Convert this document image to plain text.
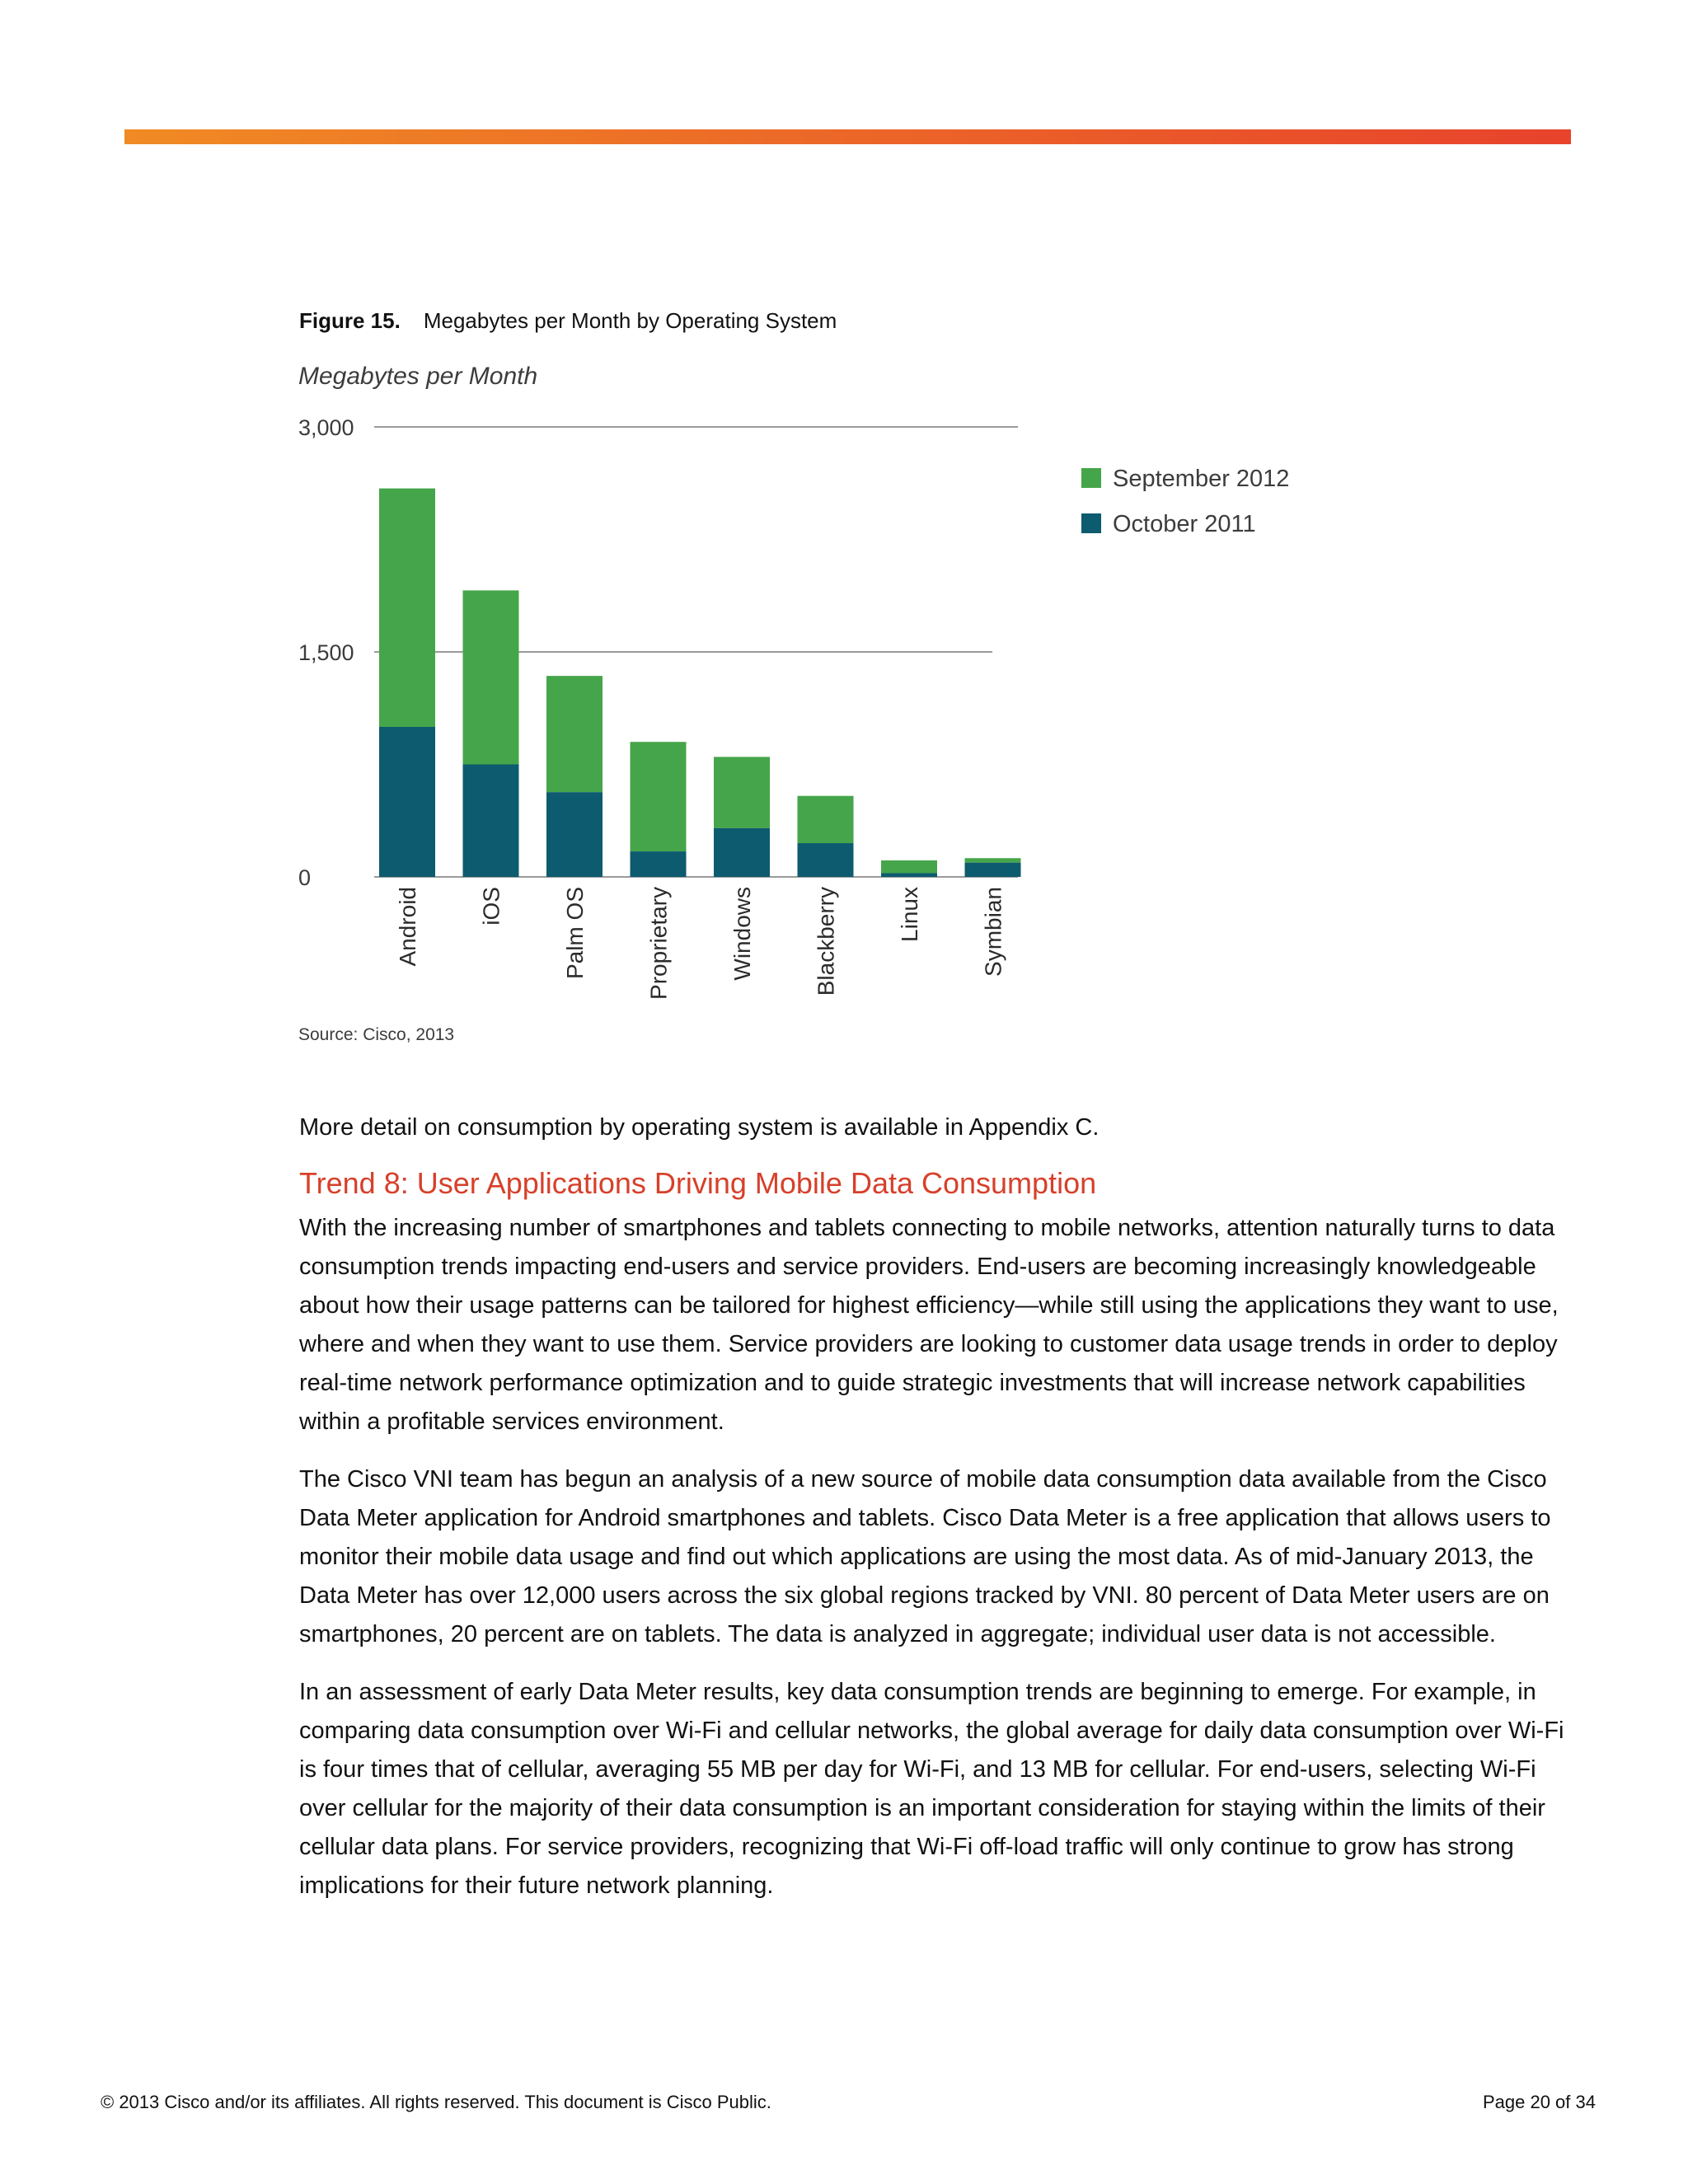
Figure 15. Megabytes per Month by Operating System
Megabytes per Month
0
1,500
3,000
Android	iOS	Palm OS	Proprietary	Windows	Blackberry	Linux	Symbian
September 2012
October 2011
Source: Cisco, 2013

More detail on consumption by operating system is available in Appendix C.

Trend 8: User Applications Driving Mobile Data Consumption

With the increasing number of smartphones and tablets connecting to mobile networks, attention naturally turns to data consumption trends impacting end-users and service providers. End-users are becoming increasingly knowledgeable about how their usage patterns can be tailored for highest efficiency—while still using the applications they want to use, where and when they want to use them. Service providers are looking to customer data usage trends in order to deploy real-time network performance optimization and to guide strategic investments that will increase network capabilities within a profitable services environment.

The Cisco VNI team has begun an analysis of a new source of mobile data consumption data available from the Cisco Data Meter application for Android smartphones and tablets. Cisco Data Meter is a free application that allows users to monitor their mobile data usage and find out which applications are using the most data. As of mid-January 2013, the Data Meter has over 12,000 users across the six global regions tracked by VNI. 80 percent of Data Meter users are on smartphones, 20 percent are on tablets. The data is analyzed in aggregate; individual user data is not accessible.

In an assessment of early Data Meter results, key data consumption trends are beginning to emerge. For example, in comparing data consumption over Wi-Fi and cellular networks, the global average for daily data consumption over Wi-Fi is four times that of cellular, averaging 55 MB per day for Wi-Fi, and 13 MB for cellular. For end-users, selecting Wi-Fi over cellular for the majority of their data consumption is an important consideration for staying within the limits of their cellular data plans. For service providers, recognizing that Wi-Fi off-load traffic will only continue to grow has strong implications for their future network planning.

© 2013 Cisco and/or its affiliates. All rights reserved. This document is Cisco Public.	Page 20 of 34
